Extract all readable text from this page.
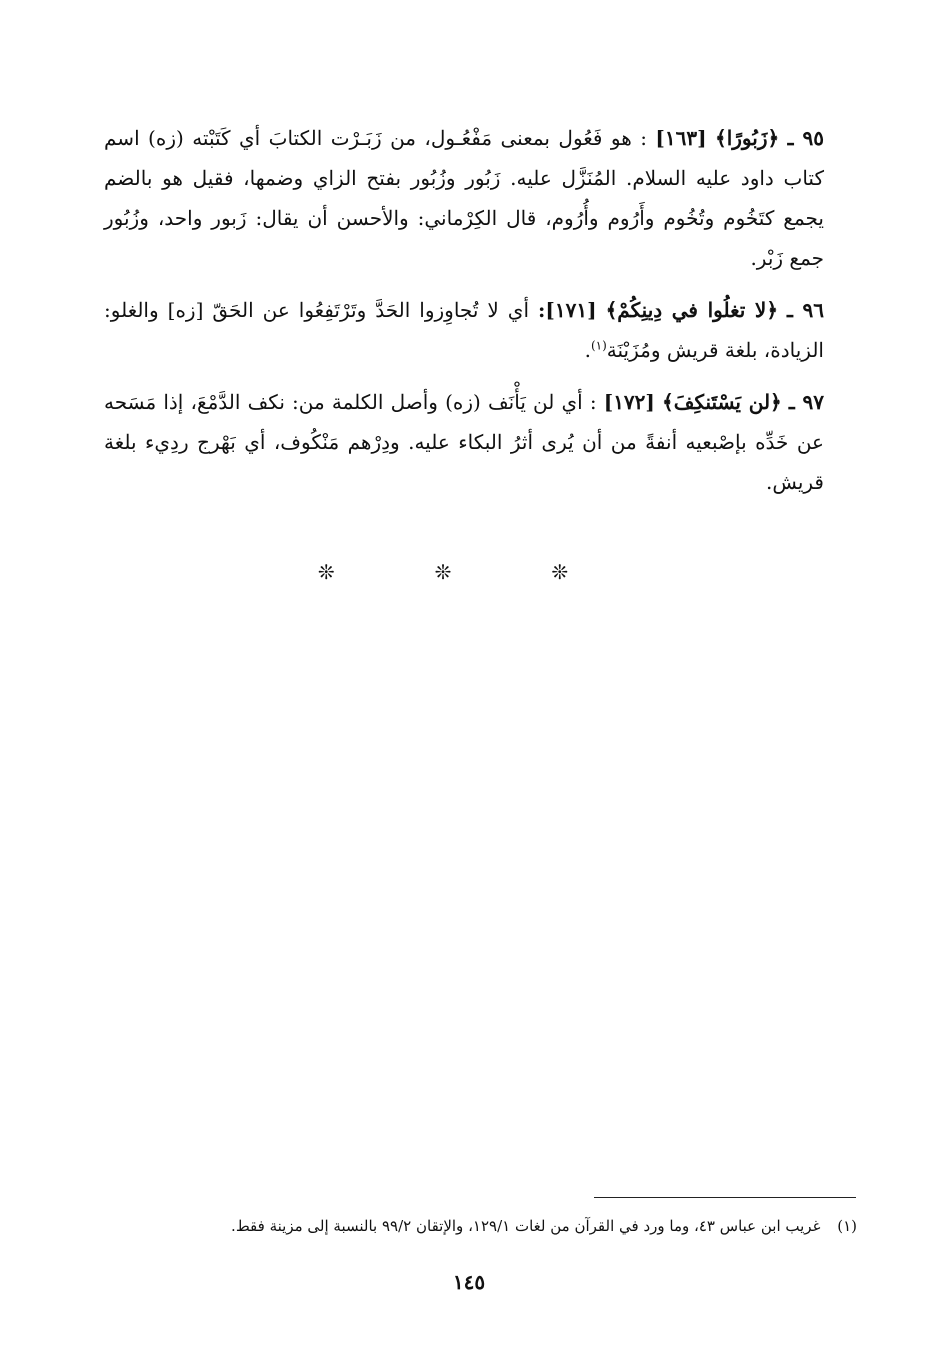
٩٥ ـ ﴿زَبُورًا﴾ [١٦٣] : هو فَعُول بمعنى مَفْعُـول، من زَبَـرْت الكتابَ أي كَتَبْته (زه) اسم كتاب داود عليه السلام. المُنَزَّل عليه. زَبُور وزُبُور بفتح الزاي وضمها، فقيل هو بالضم يجمع كتَخُوم وتُخُوم وأَرُوم وأُرُوم، قال الكِرْماني: والأحسن أن يقال: زَبور واحد، وزُبُور جمع زَبْر.

٩٦ ـ ﴿لا تغلُوا في دِينِكُمْ﴾ [١٧١]: أي لا تُجاوِزوا الحَدَّ وتَرْتَفِعُوا عن الحَقّ [زه] والغلو: الزيادة، بلغة قريش ومُزَيْنَة$^{(١)}$.

٩٧ ـ ﴿لن يَسْتَنكِفَ﴾ [١٧٢] : أي لن يَأْنَف (زه) وأصل الكلمة من: نكف الدَّمْعَ، إذا مَسَحه عن خَدِّه بإصْبعيه أنفةً من أن يُرى أثرُ البكاء عليه. ودِرْهم مَنْكُوف، أي بَهْرج ردِيء بلغة قريش.

❊ ❊ ❊
(١) غريب ابن عباس ٤٣، وما ورد في القرآن من لغات ١٢٩/١، والإتقان ٩٩/٢ بالنسبة إلى مزينة فقط.
١٤٥
